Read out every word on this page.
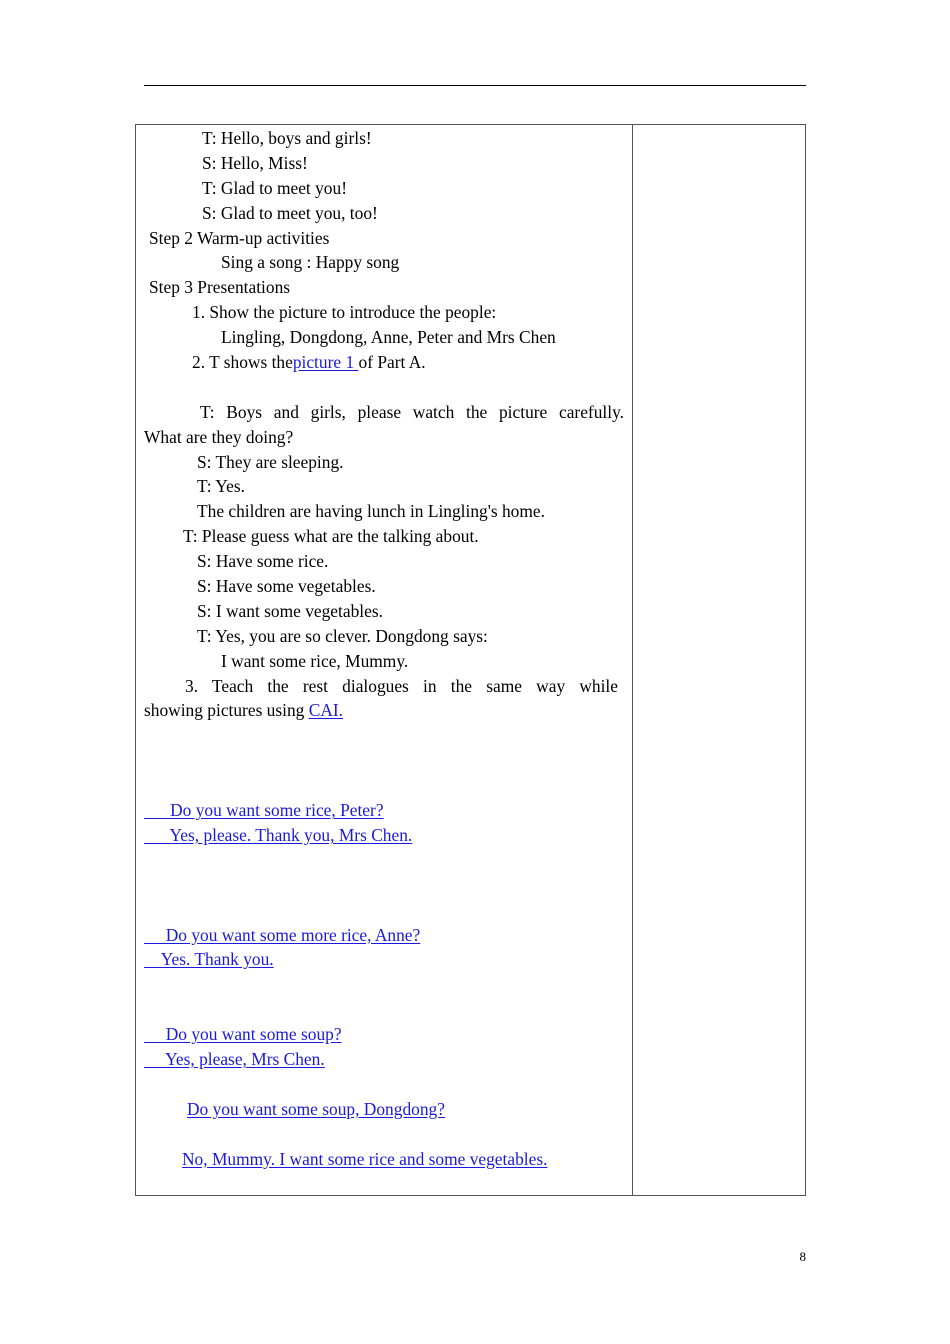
T: Hello, boys and girls!
S: Hello, Miss!
T: Glad to meet you!
S: Glad to meet you, too!
Step 2 Warm-up activities
Sing a song : Happy song
Step 3 Presentations
1. Show the picture to introduce the people:
Lingling, Dongdong, Anne, Peter and Mrs Chen
2. T shows thepicture 1 of Part A.
T: Boys and girls, please watch the picture carefully.
What are they doing?
S: They are sleeping.
T: Yes.
The children are having lunch in Lingling's home.
T: Please guess what are the talking about.
S: Have some rice.
S: Have some vegetables.
S: I want some vegetables.
T: Yes, you are so clever. Dongdong says:
I want some rice, Mummy.
3. Teach the rest dialogues in the same way while
showing pictures using CAI.
Do you want some rice, Peter?
Yes, please. Thank you, Mrs Chen.
Do you want some more rice, Anne?
Yes. Thank you.
Do you want some soup?
Yes, please, Mrs Chen.
Do you want some soup, Dongdong?
No, Mummy. I want some rice and some vegetables.

8
